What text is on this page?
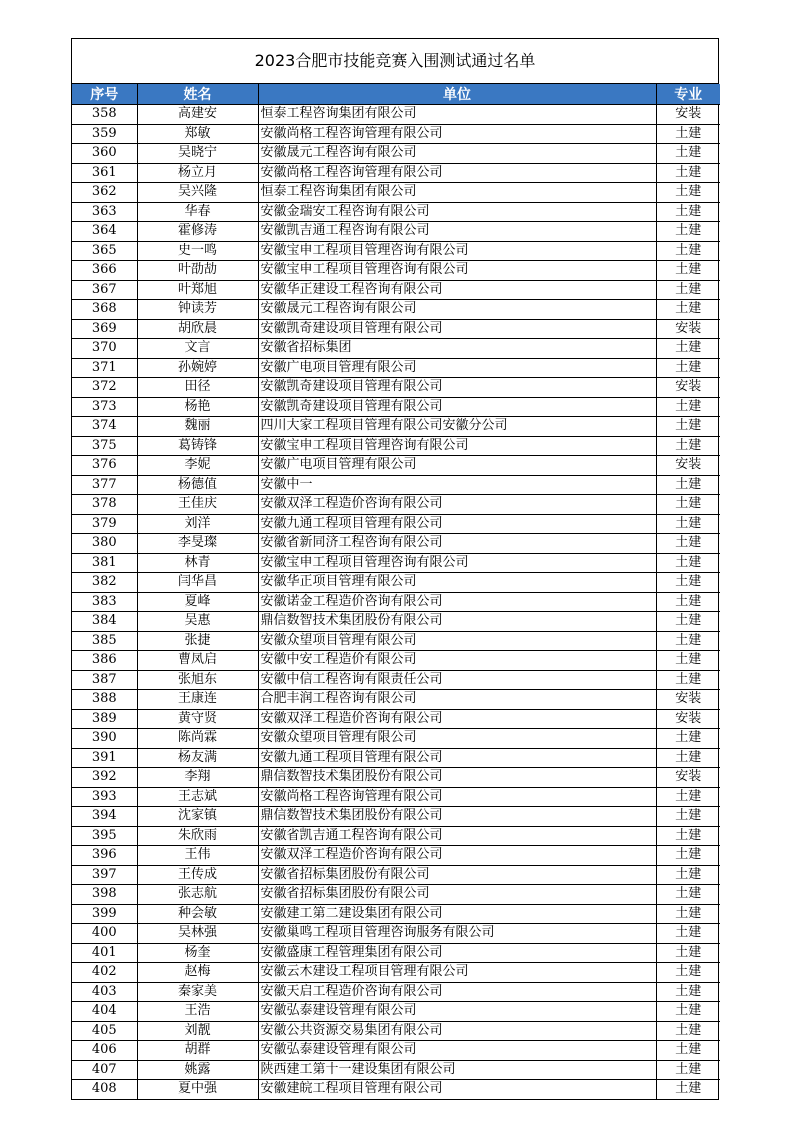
2023合肥市技能竞赛入围测试通过名单
序号	姓名	单位	专业
358	高建安	恒泰工程咨询集团有限公司	安装
359	郑敏	安徽尚格工程咨询管理有限公司	土建
360	吴晓宁	安徽晟元工程咨询有限公司	土建
361	杨立月	安徽尚格工程咨询管理有限公司	土建
362	吴兴隆	恒泰工程咨询集团有限公司	土建
363	华春	安徽金瑞安工程咨询有限公司	土建
364	霍修涛	安徽凯吉通工程咨询有限公司	土建
365	史一鸣	安徽宝申工程项目管理咨询有限公司	土建
366	叶劭劼	安徽宝申工程项目管理咨询有限公司	土建
367	叶郑旭	安徽华正建设工程咨询有限公司	土建
368	钟读芳	安徽晟元工程咨询有限公司	土建
369	胡欣晨	安徽凯奇建设项目管理有限公司	安装
370	文言	安徽省招标集团	土建
371	孙婉婷	安徽广电项目管理有限公司	土建
372	田径	安徽凯奇建设项目管理有限公司	安装
373	杨艳	安徽凯奇建设项目管理有限公司	土建
374	魏丽	四川大家工程项目管理有限公司安徽分公司	土建
375	葛铸锋	安徽宝申工程项目管理咨询有限公司	土建
376	李妮	安徽广电项目管理有限公司	安装
377	杨德值	安徽中一	土建
378	王佳庆	安徽双泽工程造价咨询有限公司	土建
379	刘洋	安徽九通工程项目管理有限公司	土建
380	李旻璨	安徽省新同济工程咨询有限公司	土建
381	林青	安徽宝申工程项目管理咨询有限公司	土建
382	闫华昌	安徽华正项目管理有限公司	土建
383	夏峰	安徽诺金工程造价咨询有限公司	土建
384	吴惠	鼎信数智技术集团股份有限公司	土建
385	张捷	安徽众望项目管理有限公司	土建
386	曹凤启	安徽中安工程造价有限公司	土建
387	张旭东	安徽中信工程咨询有限责任公司	土建
388	王康连	合肥丰润工程咨询有限公司	安装
389	黄守贤	安徽双泽工程造价咨询有限公司	安装
390	陈尚霖	安徽众望项目管理有限公司	土建
391	杨友满	安徽九通工程项目管理有限公司	土建
392	李翔	鼎信数智技术集团股份有限公司	安装
393	王志斌	安徽尚格工程咨询管理有限公司	土建
394	沈家镇	鼎信数智技术集团股份有限公司	土建
395	朱欣雨	安徽省凯吉通工程咨询有限公司	土建
396	王伟	安徽双泽工程造价咨询有限公司	土建
397	王传成	安徽省招标集团股份有限公司	土建
398	张志航	安徽省招标集团股份有限公司	土建
399	种会敏	安徽建工第二建设集团有限公司	土建
400	吴林强	安徽巢鸣工程项目管理咨询服务有限公司	土建
401	杨奎	安徽盛康工程管理集团有限公司	土建
402	赵梅	安徽云木建设工程项目管理有限公司	土建
403	秦家美	安徽天启工程造价咨询有限公司	土建
404	王浩	安徽弘泰建设管理有限公司	土建
405	刘靓	安徽公共资源交易集团有限公司	土建
406	胡群	安徽弘泰建设管理有限公司	土建
407	姚露	陕西建工第十一建设集团有限公司	土建
408	夏中强	安徽建皖工程项目管理有限公司	土建
